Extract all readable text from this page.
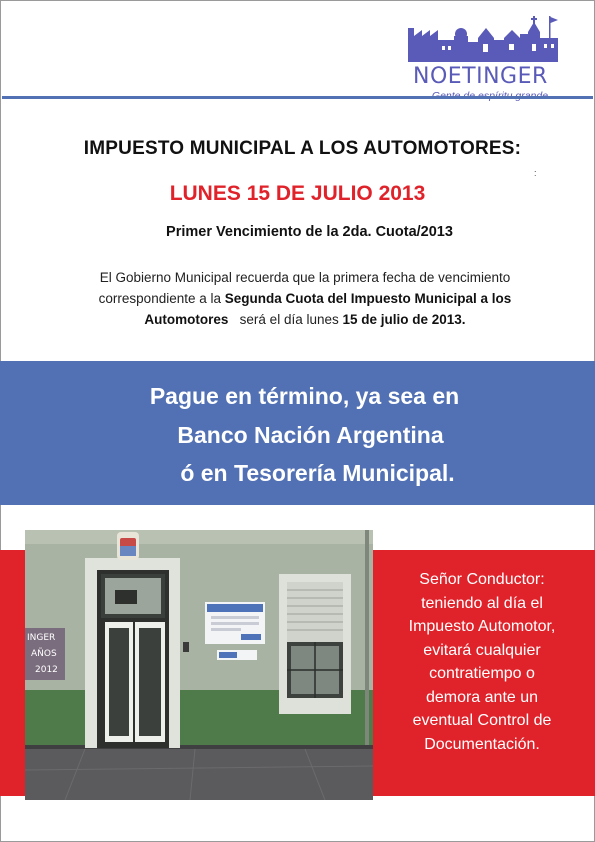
NOETINGER
IMPUESTO MUNICIPAL A LOS AUTOMOTORES:
:
LUNES 15 DE JULIO 2013
Primer Vencimiento de la 2da. Cuota/2013
El Gobierno Municipal recuerda que la primera fecha de vencimiento
correspondiente a la Segunda Cuota del Impuesto Municipal a los
Automotores   será el día lunes 15 de julio de 2013.
Pague en término, ya sea en
Banco Nación Argentina
ó en Tesorería Municipal.
INGER
AÑOS
2012
Señor Conductor:
teniendo al día el
Impuesto Automotor,
evitará cualquier
contratiempo o
demora ante un
eventual Control de
Documentación.
